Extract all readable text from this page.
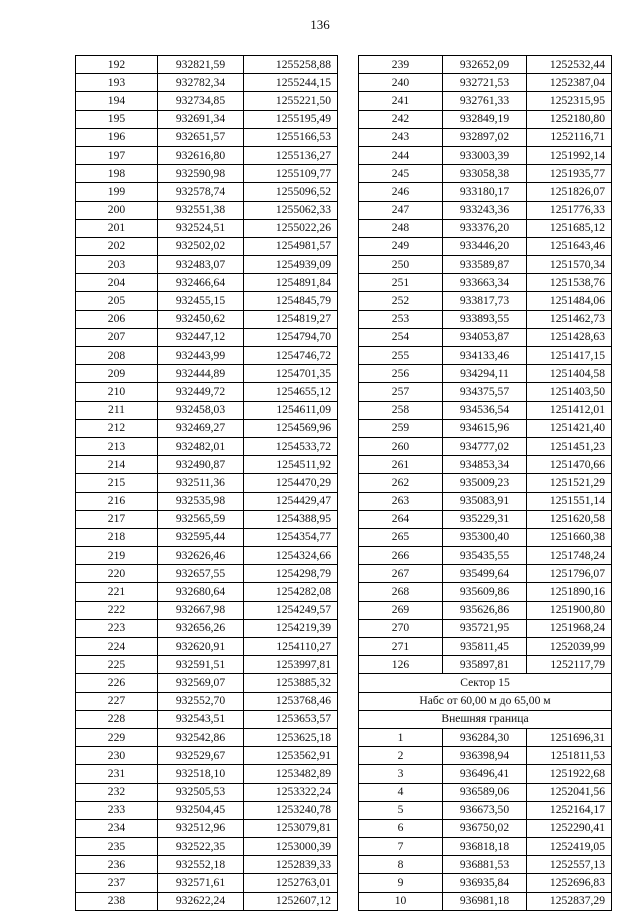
136
192	932821,59	1255258,88
193	932782,34	1255244,15
194	932734,85	1255221,50
195	932691,34	1255195,49
196	932651,57	1255166,53
197	932616,80	1255136,27
198	932590,98	1255109,77
199	932578,74	1255096,52
200	932551,38	1255062,33
201	932524,51	1255022,26
202	932502,02	1254981,57
203	932483,07	1254939,09
204	932466,64	1254891,84
205	932455,15	1254845,79
206	932450,62	1254819,27
207	932447,12	1254794,70
208	932443,99	1254746,72
209	932444,89	1254701,35
210	932449,72	1254655,12
211	932458,03	1254611,09
212	932469,27	1254569,96
213	932482,01	1254533,72
214	932490,87	1254511,92
215	932511,36	1254470,29
216	932535,98	1254429,47
217	932565,59	1254388,95
218	932595,44	1254354,77
219	932626,46	1254324,66
220	932657,55	1254298,79
221	932680,64	1254282,08
222	932667,98	1254249,57
223	932656,26	1254219,39
224	932620,91	1254110,27
225	932591,51	1253997,81
226	932569,07	1253885,32
227	932552,70	1253768,46
228	932543,51	1253653,57
229	932542,86	1253625,18
230	932529,67	1253562,91
231	932518,10	1253482,89
232	932505,53	1253322,24
233	932504,45	1253240,78
234	932512,96	1253079,81
235	932522,35	1253000,39
236	932552,18	1252839,33
237	932571,61	1252763,01
238	932622,24	1252607,12
239	932652,09	1252532,44
240	932721,53	1252387,04
241	932761,33	1252315,95
242	932849,19	1252180,80
243	932897,02	1252116,71
244	933003,39	1251992,14
245	933058,38	1251935,77
246	933180,17	1251826,07
247	933243,36	1251776,33
248	933376,20	1251685,12
249	933446,20	1251643,46
250	933589,87	1251570,34
251	933663,34	1251538,76
252	933817,73	1251484,06
253	933893,55	1251462,73
254	934053,87	1251428,63
255	934133,46	1251417,15
256	934294,11	1251404,58
257	934375,57	1251403,50
258	934536,54	1251412,01
259	934615,96	1251421,40
260	934777,02	1251451,23
261	934853,34	1251470,66
262	935009,23	1251521,29
263	935083,91	1251551,14
264	935229,31	1251620,58
265	935300,40	1251660,38
266	935435,55	1251748,24
267	935499,64	1251796,07
268	935609,86	1251890,16
269	935626,86	1251900,80
270	935721,95	1251968,24
271	935811,45	1252039,99
126	935897,81	1252117,79
Сектор 15		
Набс от 60,00 м до 65,00 м		
Внешняя граница		
1	936284,30	1251696,31
2	936398,94	1251811,53
3	936496,41	1251922,68
4	936589,06	1252041,56
5	936673,50	1252164,17
6	936750,02	1252290,41
7	936818,18	1252419,05
8	936881,53	1252557,13
9	936935,84	1252696,83
10	936981,18	1252837,29
